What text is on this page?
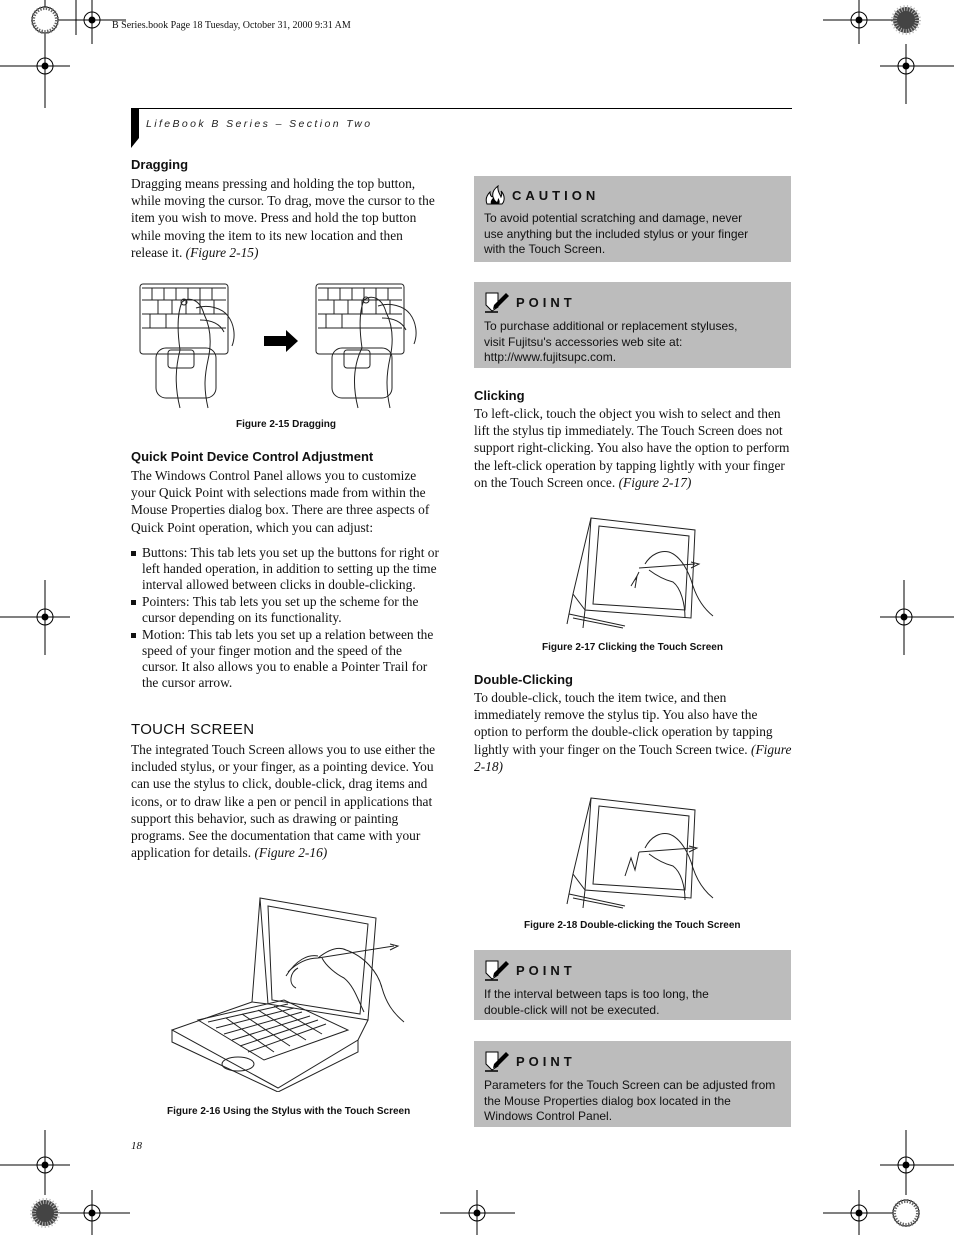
B Series.book Page 18 Tuesday, October 31, 2000 9:31 AM
LifeBook B Series – Section Two
Dragging
Dragging means pressing and holding the top button, while moving the cursor. To drag, move the cursor to the item you wish to move. Press and hold the top button while moving the item to its new location and then release it. (Figure 2-15)
Figure 2-15 Dragging
Quick Point Device Control Adjustment
The Windows Control Panel allows you to customize your Quick Point with selections made from within the Mouse Properties dialog box. There are three aspects of Quick Point operation, which you can adjust:
Buttons: This tab lets you set up the buttons for right or left handed operation, in addition to setting up the time interval allowed between clicks in double-clicking.
Pointers: This tab lets you set up the scheme for the cursor depending on its functionality.
Motion: This tab lets you set up a relation between the speed of your finger motion and the speed of the cursor. It also allows you to enable a Pointer Trail for the cursor arrow.
TOUCH SCREEN
The integrated Touch Screen allows you to use either the included stylus, or your finger, as a pointing device. You can use the stylus to click, double-click, drag items and icons, or to draw like a pen or pencil in applications that support this behavior, such as drawing or painting programs. See the documentation that came with your application for details. (Figure 2-16)
Figure 2-16 Using the Stylus with the Touch Screen
18
CAUTION
To avoid potential scratching and damage, never use anything but the included stylus or your finger with the Touch Screen.
POINT
To purchase additional or replacement styluses, visit Fujitsu's accessories web site at: http://www.fujitsupc.com.
Clicking
To left-click, touch the object you wish to select and then lift the stylus tip immediately. The Touch Screen does not support right-clicking. You also have the option to perform the left-click operation by tapping lightly with your finger on the Touch Screen once. (Figure 2-17)
Figure 2-17 Clicking the Touch Screen
Double-Clicking
To double-click, touch the item twice, and then immediately remove the stylus tip. You also have the option to perform the double-click operation by tapping lightly with your finger on the Touch Screen twice. (Figure 2-18)
Figure 2-18 Double-clicking the Touch Screen
POINT
If the interval between taps is too long, the double-click will not be executed.
POINT
Parameters for the Touch Screen can be adjusted from the Mouse Properties dialog box located in the Windows Control Panel.
